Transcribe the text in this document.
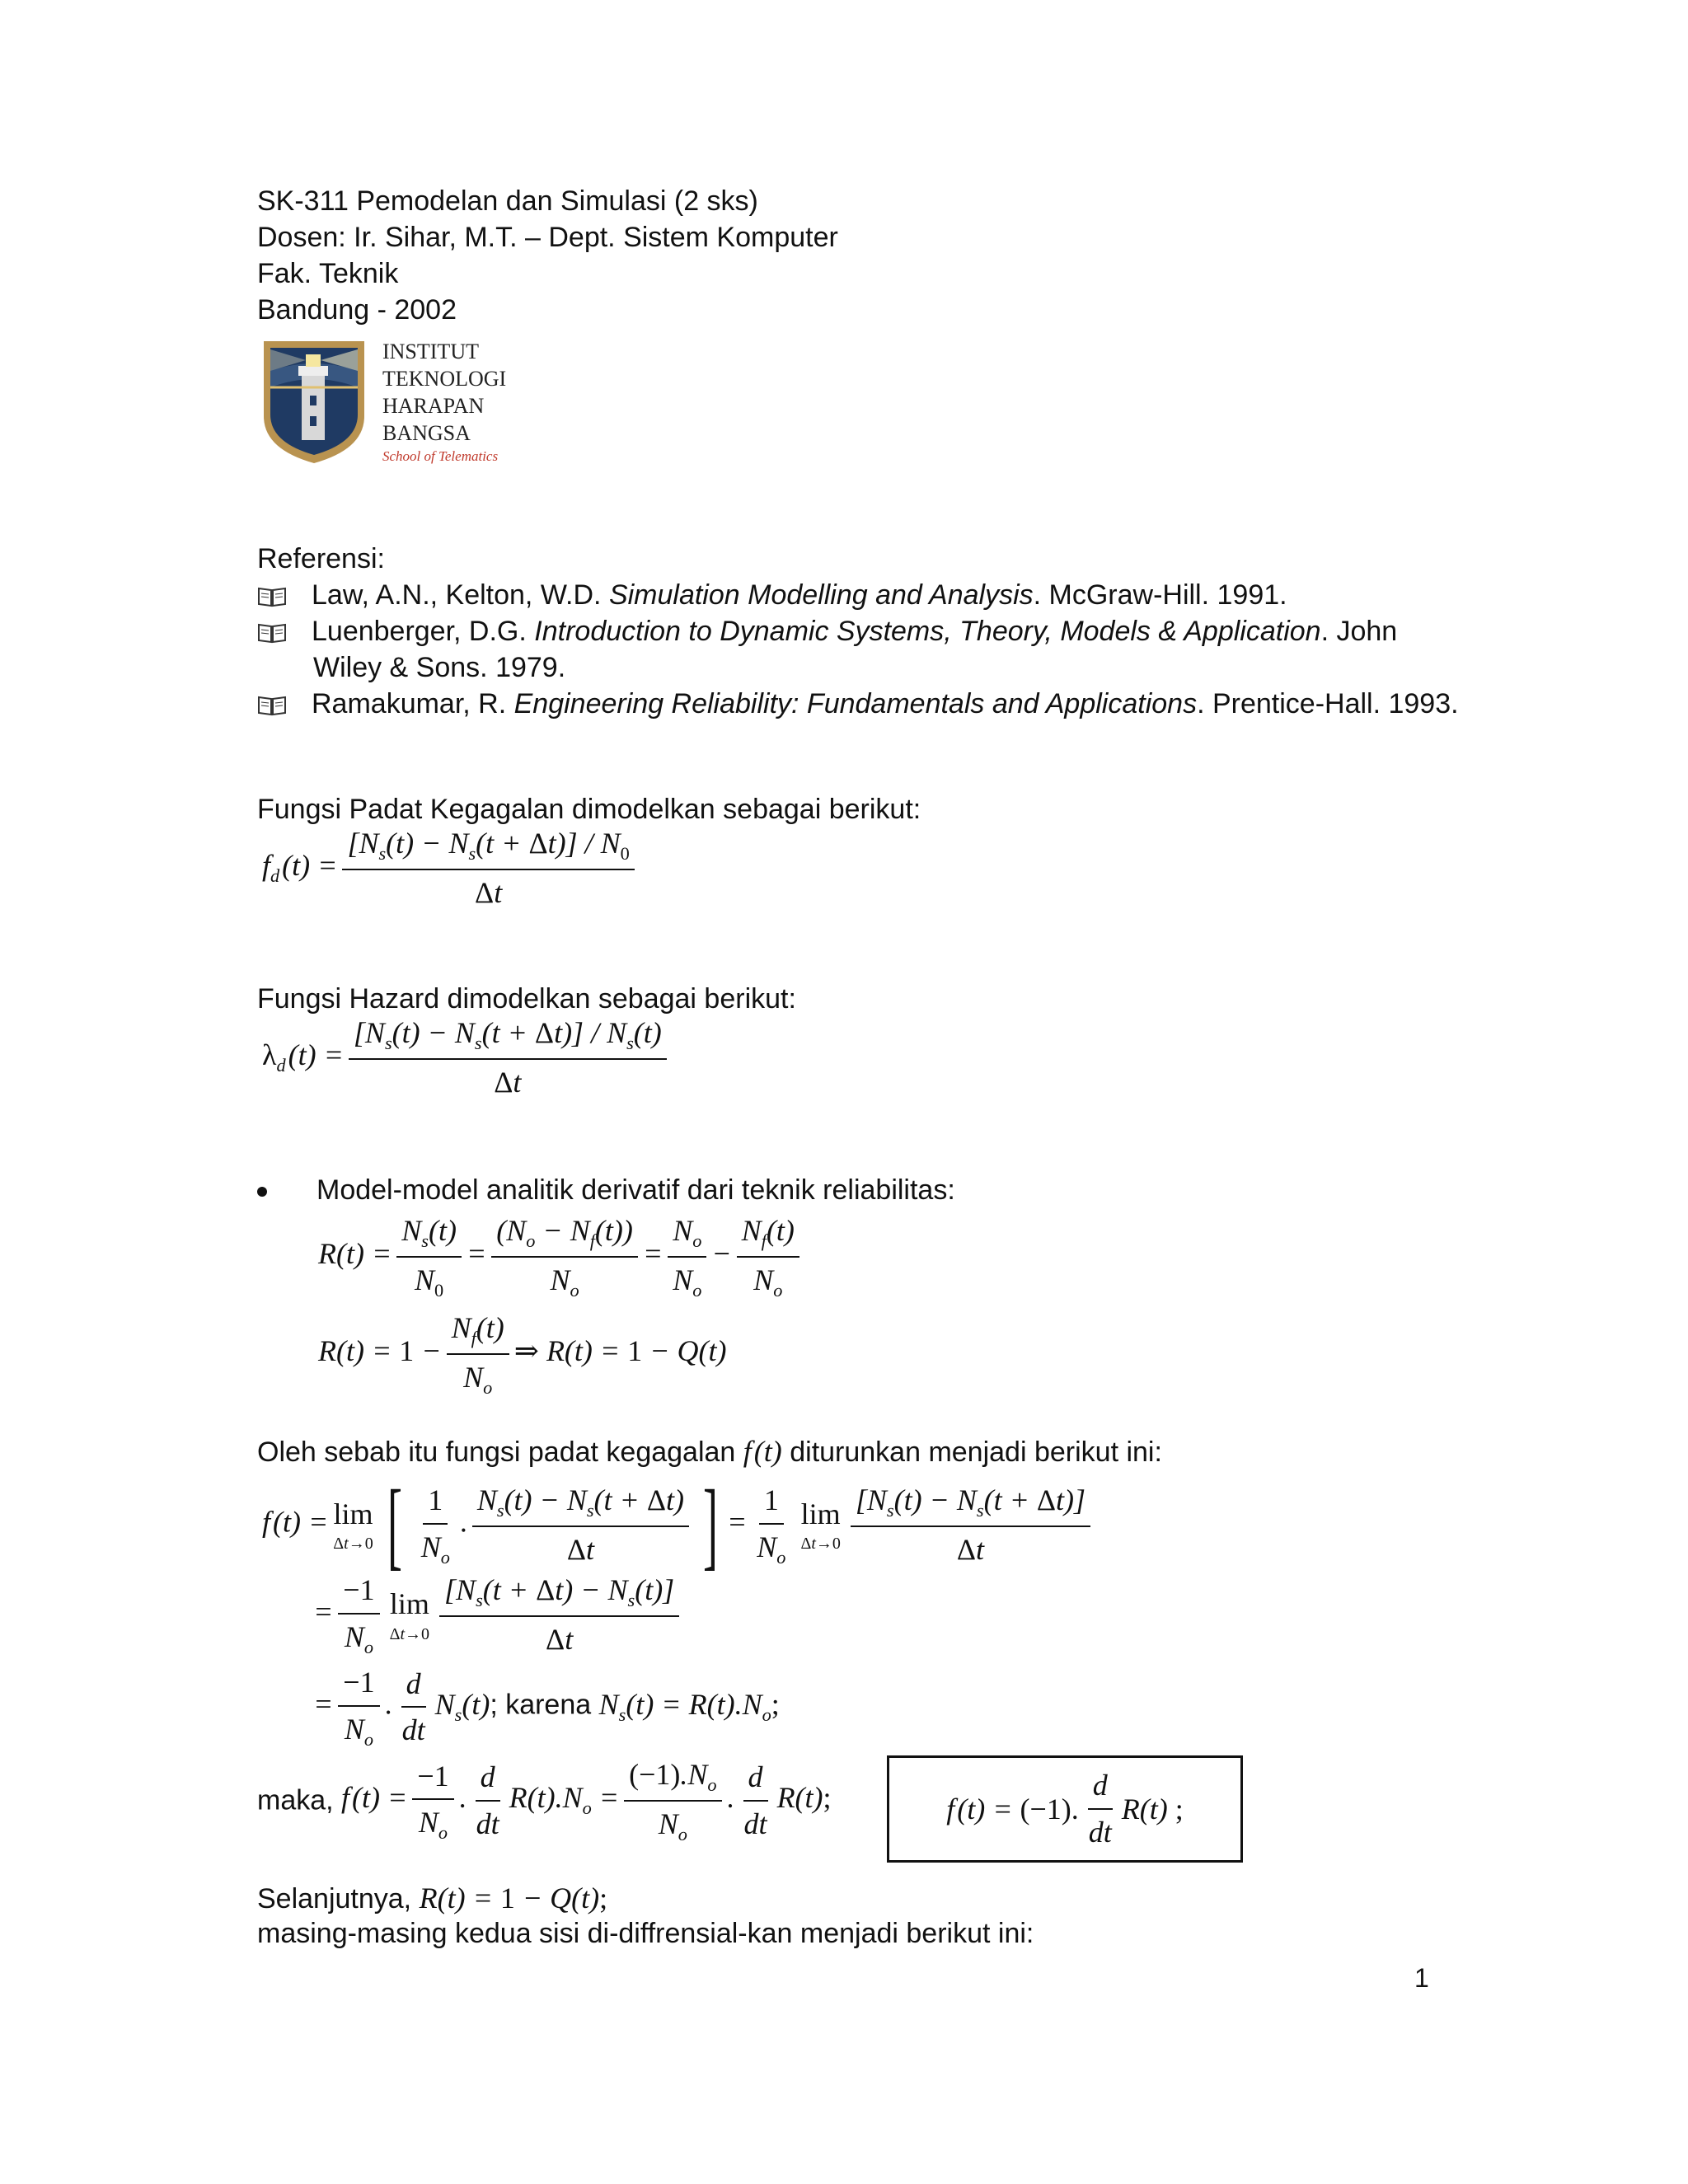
SK-311 Pemodelan dan Simulasi (2 sks)
Dosen: Ir. Sihar, M.T. – Dept. Sistem Komputer
Fak. Teknik
Bandung - 2002
INSTITUT
TEKNOLOGI
HARAPAN
BANGSA
School of Telematics
Referensi:
Law, A.N., Kelton, W.D. Simulation Modelling and Analysis. McGraw-Hill. 1991.
Luenberger, D.G. Introduction to Dynamic Systems, Theory, Models & Application. John
Wiley & Sons. 1979.
Ramakumar, R. Engineering Reliability: Fundamentals and Applications. Prentice-Hall. 1993.
Fungsi Padat Kegagalan dimodelkan sebagai berikut:
$f_d$ $(t) = \frac{[N_s(t) - N_s(t + \Delta t)] / N_0}{\Delta t}$
Fungsi Hazard dimodelkan sebagai berikut:
$\lambda_d$ $(t) = \frac{[N_s(t) - N_s(t + \Delta t)] / N_s(t)}{\Delta t}$
Model-model analitik derivatif dari teknik reliabilitas:
$R(t) = \frac{N_s(t)}{N_0} = \frac{(N_o - N_f(t))}{N_o} = \frac{N_o}{N_o} - \frac{N_f(t)}{N_o}$
$R(t) = 1 - \frac{N_f(t)}{N_o}$ ⇒ R(t) = 1 − Q(t)
Oleh sebab itu fungsi padat kegagalan f (t) diturunkan menjadi berikut ini:
f (t) = lim
Δt→0 [ $\frac{1}{N_o}$ . $\frac{N_s(t) - N_s(t + \Delta t)}{\Delta t}$ ] = $\frac{1}{N_o}$ lim
$\Delta t\to 0 \frac{[N_s(t) - N_s(t + \Delta t)]}{\Delta t}$
= $\frac{-1}{N_o}$ lim
$\Delta t\to 0 \frac{[N_s(t + \Delta t) - N_s(t)]}{\Delta t}$
= $\frac{-1}{N_o}$ . $\frac{d}{dt} N_s(t)$; karena $N_s(t) = R(t).N_o$;
maka, f $(t) = \frac{-1}{N_o}$ . $\frac{d}{dt} R(t).N_o = \frac{(-1).N_o}{N_o}$ . $\frac{d}{dt} R(t)$;	f (t) = (−1). $\frac{d}{dt} R(t)$ ;
Selanjutnya, R(t) = 1 − Q(t);
masing-masing kedua sisi di-diffrensial-kan menjadi berikut ini:
1
